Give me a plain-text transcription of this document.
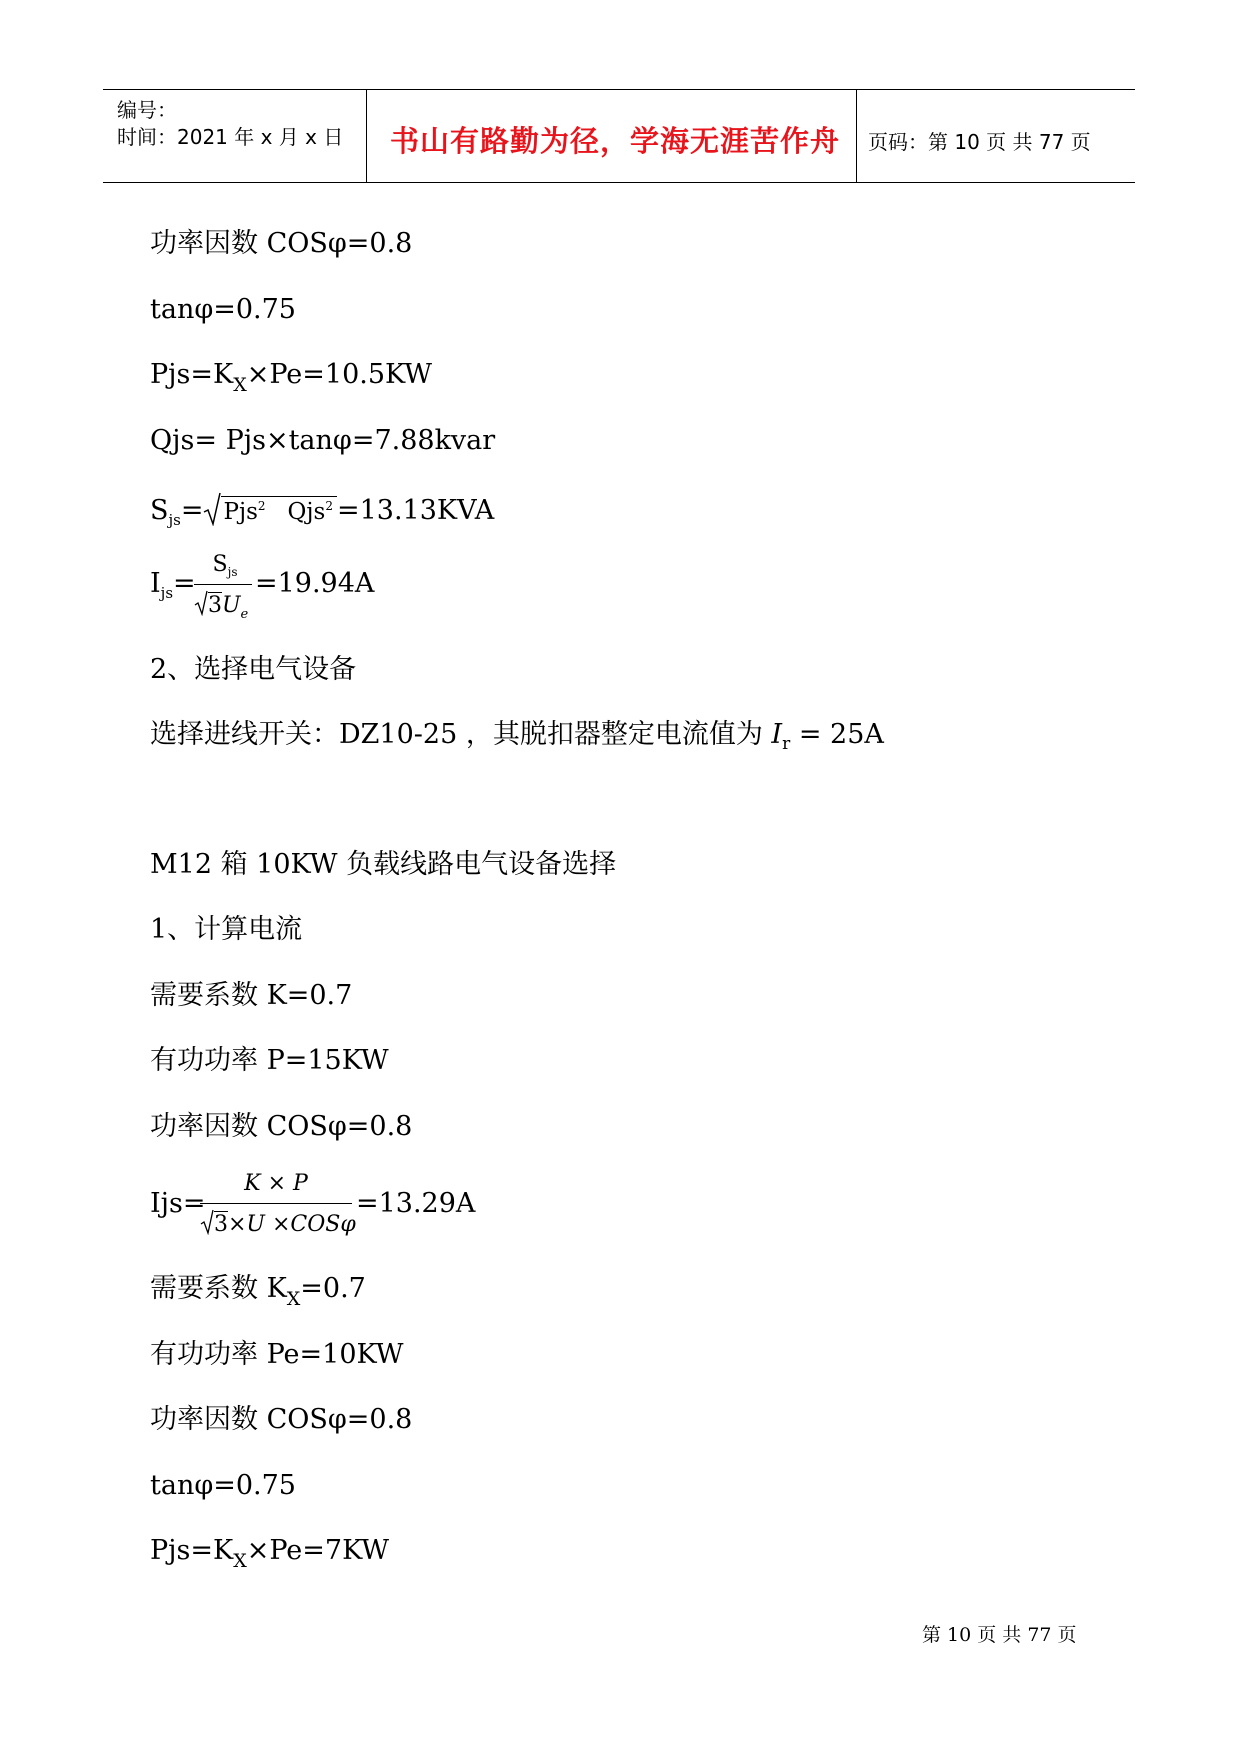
编号：
时间：2021 年 x 月 x 日 书山有路勤为径，学海无涯苦作舟 页码：第 10 页 共 77 页
功率因数 COSφ=0.8
tanφ=0.75
$Pjs=K_X\times Pe=10.5KW$
Qjs= Pjs×tanφ=7.88kvar
$S_{js}= Pjs^2$ Qjs$^2$ =13.13KVA
$I_{js}=$
$S_{js}$
$3U_e$
=19.94A
2、选择电气设备
选择进线开关：DZ10-25 ，其脱扣器整定电流值为 $I_r = 25A$
M12 箱 10KW 负载线路电气设备选择
1、计算电流
需要系数 K=0.7
有功功率 P=15KW
功率因数 COSφ=0.8
Ijs=
K × P
3×U ×COSφ
=13.29A
需要系数 $K_X=0.7$
有功功率 Pe=10KW
功率因数 COSφ=0.8
tanφ=0.75
$Pjs=K_X\times Pe=7KW$
第 10 页 共 77 页
